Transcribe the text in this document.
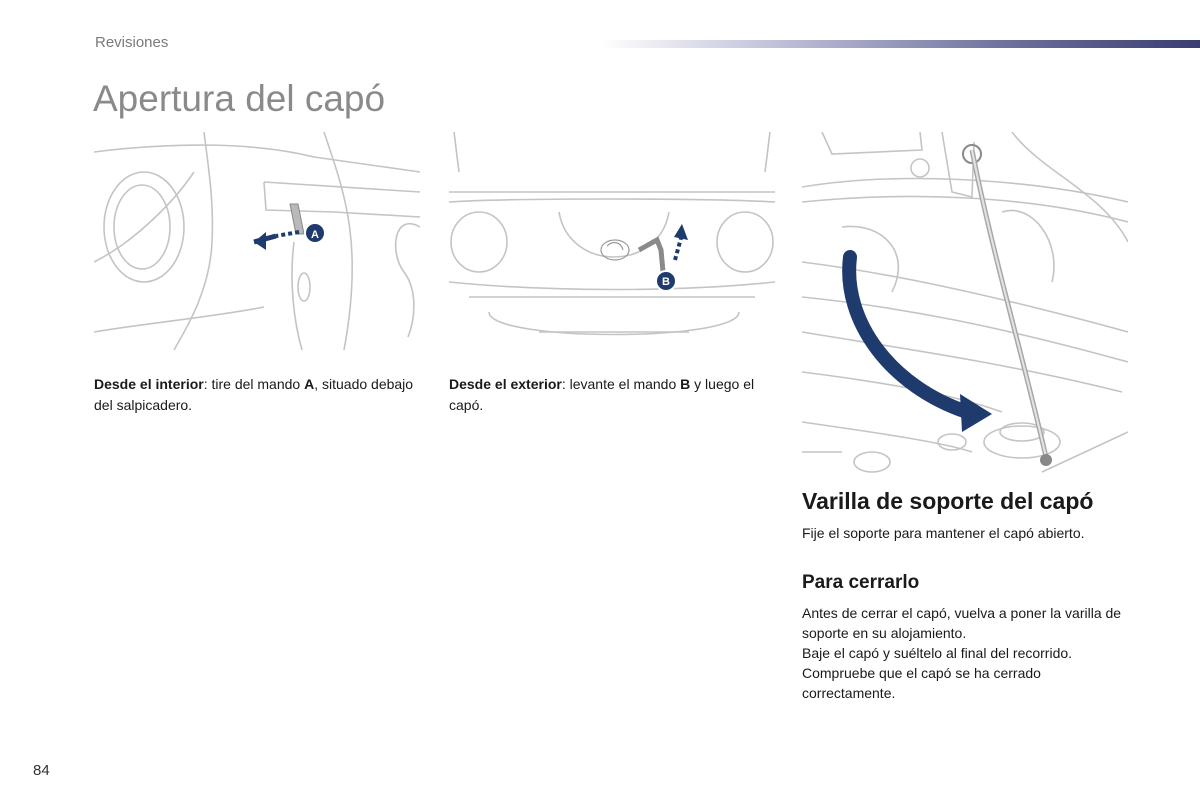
Revisiones
Apertura del capó
A
B
Desde el interior: tire del mando A, situado debajo del salpicadero.
Desde el exterior: levante el mando B y luego el capó.
Varilla de soporte del capó

Fije el soporte para mantener el capó abierto.

Para cerrarlo
Antes de cerrar el capó, vuelva a poner la varilla de soporte en su alojamiento.
Baje el capó y suéltelo al final del recorrido.
Compruebe que el capó se ha cerrado correctamente.
84
